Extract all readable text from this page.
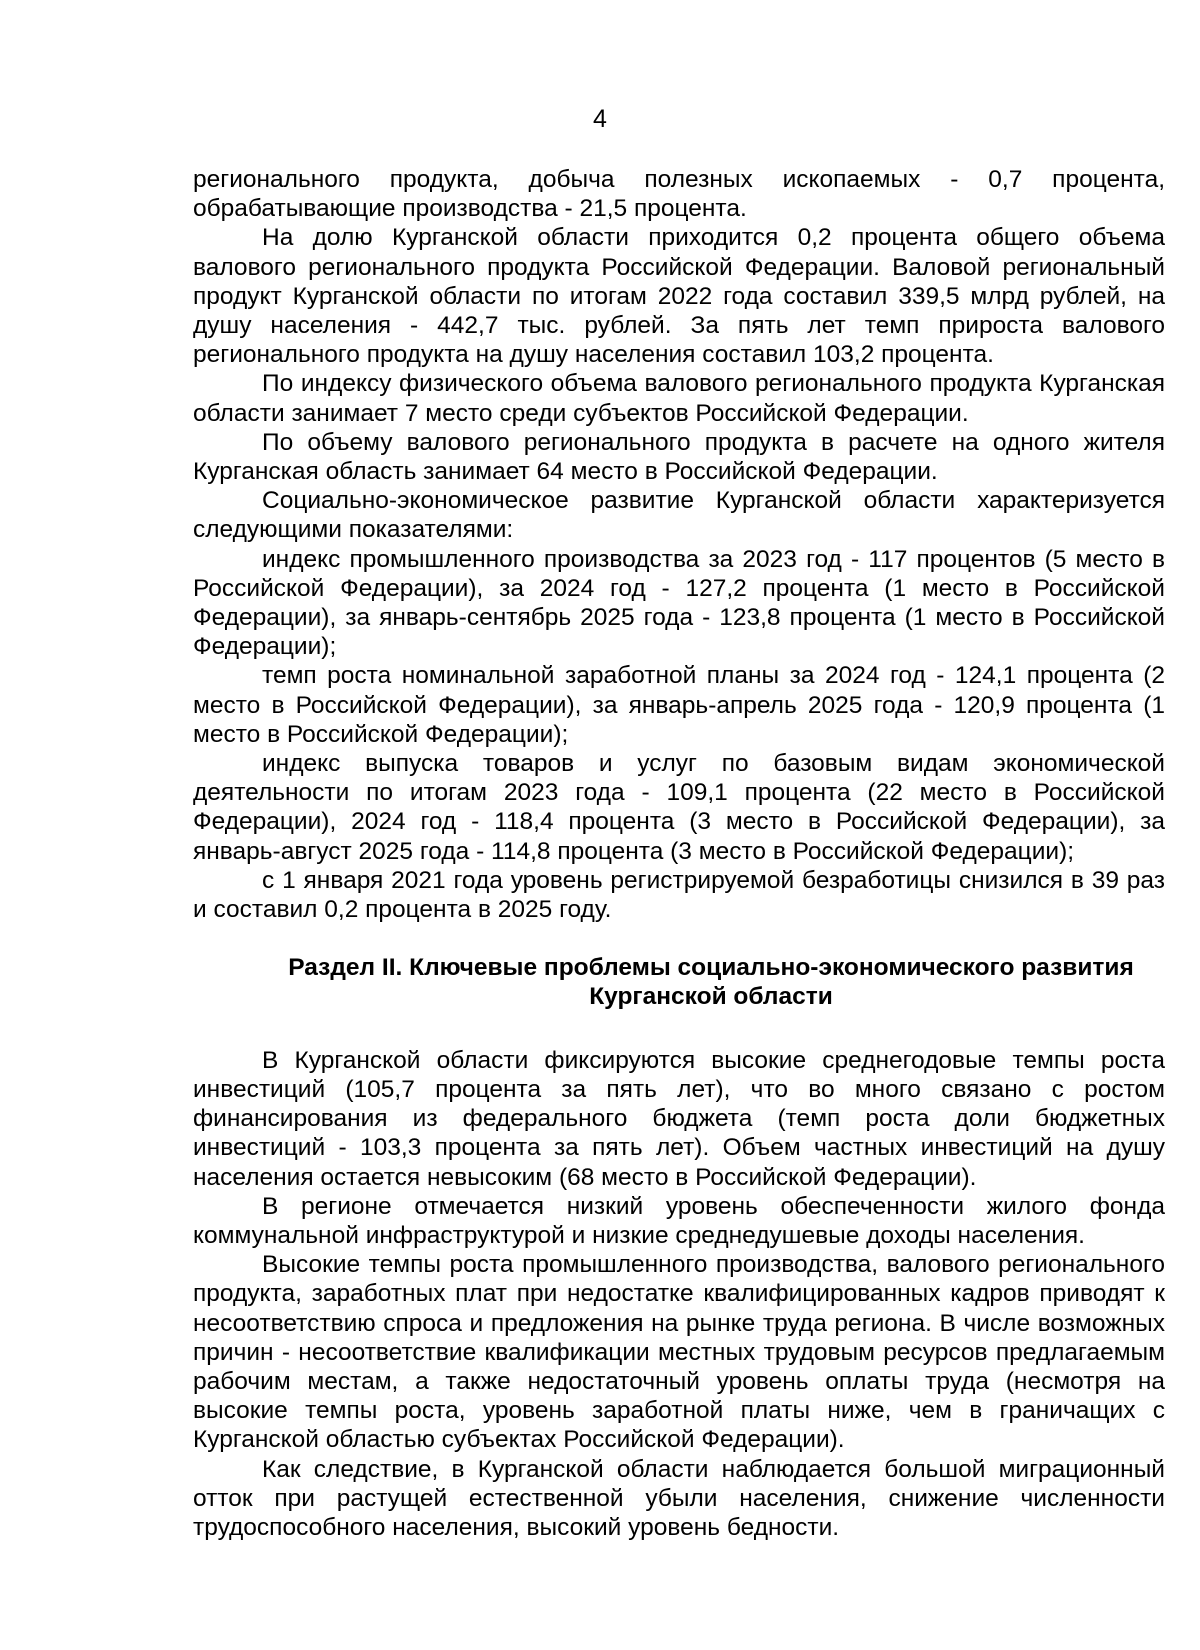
4

регионального продукта, добыча полезных ископаемых - 0,7 процента, обрабатывающие производства - 21,5 процента.

На долю Курганской области приходится 0,2 процента общего объема валового регионального продукта Российской Федерации. Валовой региональный продукт Курганской области по итогам 2022 года составил 339,5 млрд рублей, на душу населения - 442,7 тыс. рублей. За пять лет темп прироста валового регионального продукта на душу населения составил 103,2 процента.

По индексу физического объема валового регионального продукта Курганская области занимает 7 место среди субъектов Российской Федерации.

По объему валового регионального продукта в расчете на одного жителя Курганская область занимает 64 место в Российской Федерации.

Социально-экономическое развитие Курганской области характеризуется следующими показателями:

индекс промышленного производства за 2023 год - 117 процентов (5 место в Российской Федерации), за 2024 год - 127,2 процента (1 место в Российской Федерации), за январь-сентябрь 2025 года - 123,8 процента (1 место в Российской Федерации);

темп роста номинальной заработной планы за 2024 год - 124,1 процента (2 место в Российской Федерации), за январь-апрель 2025 года - 120,9 процента (1 место в Российской Федерации);

индекс выпуска товаров и услуг по базовым видам экономической деятельности по итогам 2023 года - 109,1 процента (22 место в Российской Федерации), 2024 год - 118,4 процента (3 место в Российской Федерации), за январь-август 2025 года - 114,8 процента (3 место в Российской Федерации);

с 1 января 2021 года уровень регистрируемой безработицы снизился в 39 раз и составил 0,2 процента в 2025 году.

Раздел II. Ключевые проблемы социально-экономического развития
Курганской области

В Курганской области фиксируются высокие среднегодовые темпы роста инвестиций (105,7 процента за пять лет), что во много связано с ростом финансирования из федерального бюджета (темп роста доли бюджетных инвестиций - 103,3 процента за пять лет). Объем частных инвестиций на душу населения остается невысоким (68 место в Российской Федерации).

В регионе отмечается низкий уровень обеспеченности жилого фонда коммунальной инфраструктурой и низкие среднедушевые доходы населения.

Высокие темпы роста промышленного производства, валового регионального продукта, заработных плат при недостатке квалифицированных кадров приводят к несоответствию спроса и предложения на рынке труда региона. В числе возможных причин - несоответствие квалификации местных трудовым ресурсов предлагаемым рабочим местам, а также недостаточный уровень оплаты труда (несмотря на высокие темпы роста, уровень заработной платы ниже, чем в граничащих с Курганской областью субъектах Российской Федерации).

Как следствие, в Курганской области наблюдается большой миграционный отток при растущей естественной убыли населения, снижение численности трудоспособного населения, высокий уровень бедности.
